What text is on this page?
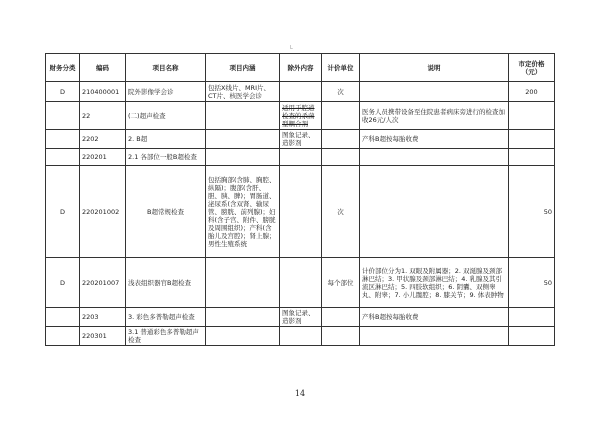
L
财务分类	编码	项目名称	项目内涵	除外内容	计价单位	说明	市定价格（元）
D	210400001	院外影像学会诊	包括X线片、MRI片、CT片、核医学会诊		次		200
	22	(二)超声检查		适用于腔道检查的杀菌型耦合剂		医务人员携带设备至住院患者病床旁进行的检查加收26元/人次	
	2202	2. B超		图象记录、造影剂		产科B超按每胎收费	
	220201	2.1 各部位一般B超检查					
D	220201002	B超常规检查	包括胸部(含肺、胸腔、纵隔)；腹部(含肝、胆、胰、脾)；胃肠道、泌尿系(含双肾、输尿管、膀胱、前列腺)；妇科(含子宫、附件、膀胱及周围组织)；产科(含胎儿及宫腔)；肾上腺；男性生殖系统		次		50
D	220201007	浅表组织器官B超检查			每个部位	计价部位分为1. 双眼及附属器；2. 双涎腺及颈部淋巴结；3. 甲状腺及颈部淋巴结；4. 乳腺及其引流区淋巴结；5. 四肢软组织；6. 阴囊、双侧睾丸、附睾；7. 小儿髋腔；8. 膝关节；9. 体表肿物	50
	2203	3. 彩色多普勒超声检查		图象记录、造影剂		产科B超按每胎收费	
	220301	3.1 普通彩色多普勒超声检查					
14
